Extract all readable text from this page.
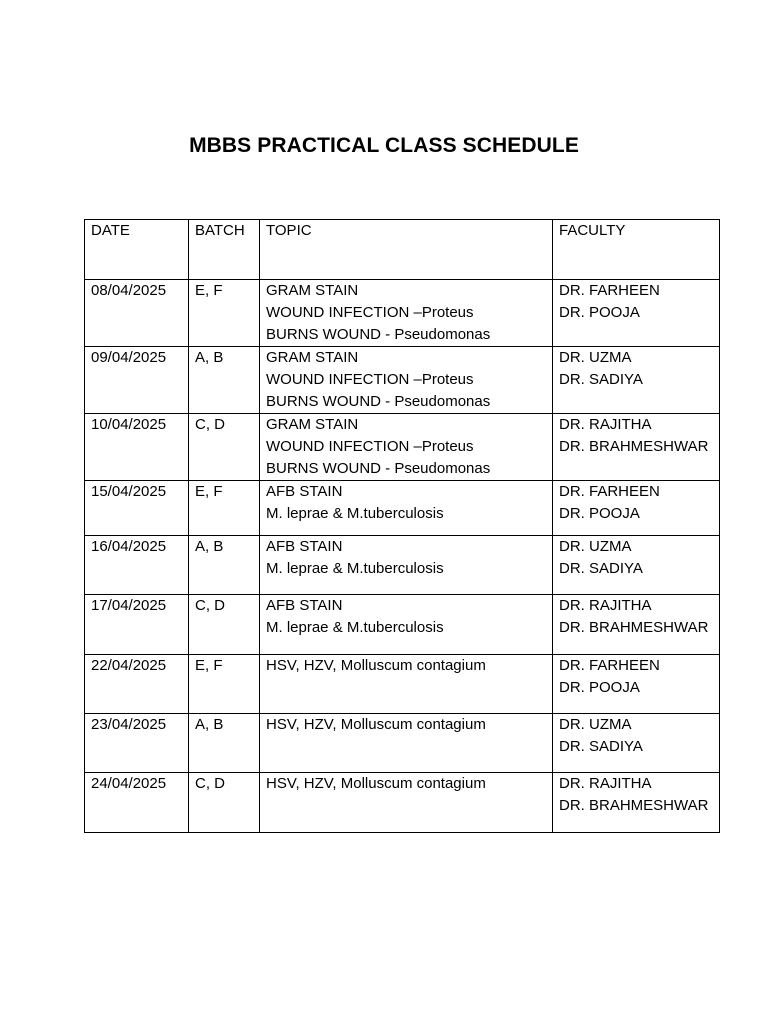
MBBS PRACTICAL CLASS SCHEDULE
DATE	BATCH	TOPIC	FACULTY
08/04/2025	E, F	GRAM STAIN
WOUND INFECTION –Proteus
BURNS WOUND - Pseudomonas	DR. FARHEEN
DR. POOJA

09/04/2025	A, B	GRAM STAIN
WOUND INFECTION –Proteus
BURNS WOUND - Pseudomonas	DR. UZMA
DR. SADIYA

10/04/2025	C, D	GRAM STAIN
WOUND INFECTION –Proteus
BURNS WOUND - Pseudomonas	DR. RAJITHA
DR. BRAHMESHWAR

15/04/2025	E, F	AFB STAIN
M. leprae & M.tuberculosis	DR. FARHEEN
DR. POOJA

16/04/2025	A, B	AFB STAIN
M. leprae & M.tuberculosis	DR. UZMA
DR. SADIYA

17/04/2025	C, D	AFB STAIN
M. leprae & M.tuberculosis	DR. RAJITHA
DR. BRAHMESHWAR

22/04/2025	E, F	HSV, HZV, Molluscum contagium	DR. FARHEEN
DR. POOJA

23/04/2025	A, B	HSV, HZV, Molluscum contagium	DR. UZMA
DR. SADIYA

24/04/2025	C, D	HSV, HZV, Molluscum contagium	DR. RAJITHA
DR. BRAHMESHWAR
